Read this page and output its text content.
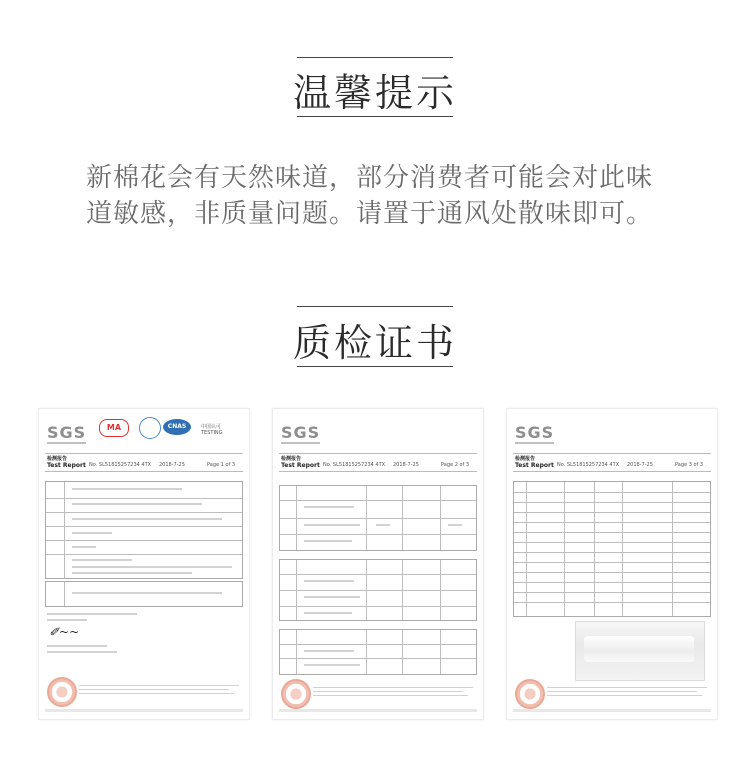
温馨提示
新棉花会有天然味道，部分消费者可能会对此味
道敏感，非质量问题。请置于通风处散味即可。
质检证书
SGS	MA	CNAS	中国认可
TESTING
检测报告
Test Report No. SL51815257234 4TX 2018-7-25	Page 1 of 3
✐~~
SGS
检测报告
Test Report No. SL51815257234 4TX 2018-7-25	Page 2 of 3
SGS
检测报告
Test Report No. SL51815257234 4TX 2018-7-25	Page 3 of 3
